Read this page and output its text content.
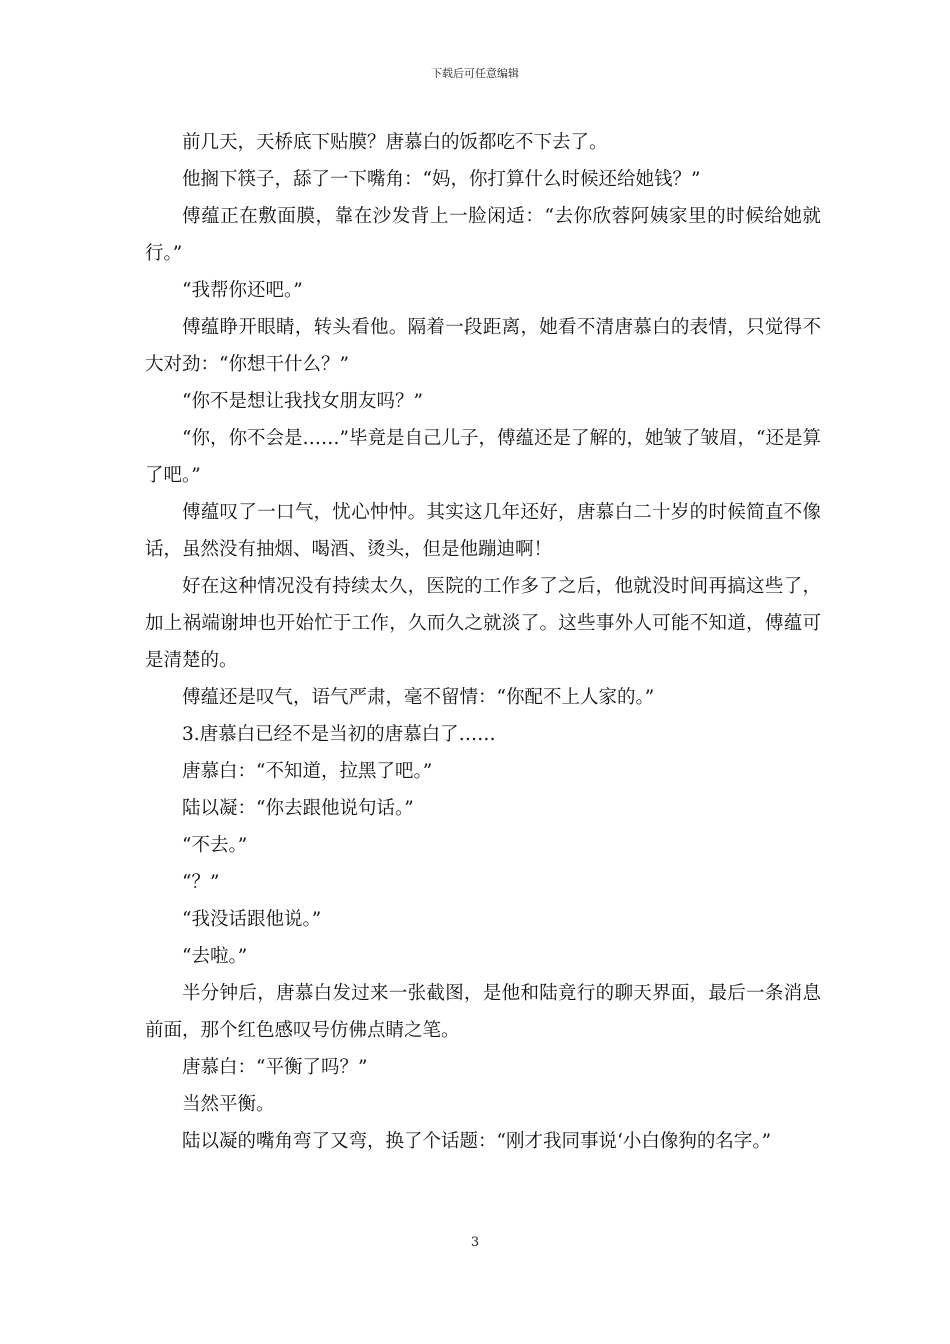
下载后可任意编辑

前几天，天桥底下贴膜？唐慕白的饭都吃不下去了。

他搁下筷子，舔了一下嘴角：“妈，你打算什么时候还给她钱？”

傅蕴正在敷面膜，靠在沙发背上一脸闲适：“去你欣蓉阿姨家里的时候给她就行。”

“我帮你还吧。”

傅蕴睁开眼睛，转头看他。隔着一段距离，她看不清唐慕白的表情，只觉得不大对劲：“你想干什么？”

“你不是想让我找女朋友吗？”

“你，你不会是……”毕竟是自己儿子，傅蕴还是了解的，她皱了皱眉，“还是算了吧。”

傅蕴叹了一口气，忧心忡忡。其实这几年还好，唐慕白二十岁的时候简直不像话，虽然没有抽烟、喝酒、烫头，但是他蹦迪啊！

好在这种情况没有持续太久，医院的工作多了之后，他就没时间再搞这些了，加上祸端谢坤也开始忙于工作，久而久之就淡了。这些事外人可能不知道，傅蕴可是清楚的。

傅蕴还是叹气，语气严肃，毫不留情：“你配不上人家的。”

3.唐慕白已经不是当初的唐慕白了……

唐慕白：“不知道，拉黑了吧。”

陆以凝：“你去跟他说句话。”

“不去。”

“？”

“我没话跟他说。”

“去啦。”

半分钟后，唐慕白发过来一张截图，是他和陆竟行的聊天界面，最后一条消息前面，那个红色感叹号仿佛点睛之笔。

唐慕白：“平衡了吗？”

当然平衡。

陆以凝的嘴角弯了又弯，换了个话题：“刚才我同事说‘小白像狗的名字。”

3
